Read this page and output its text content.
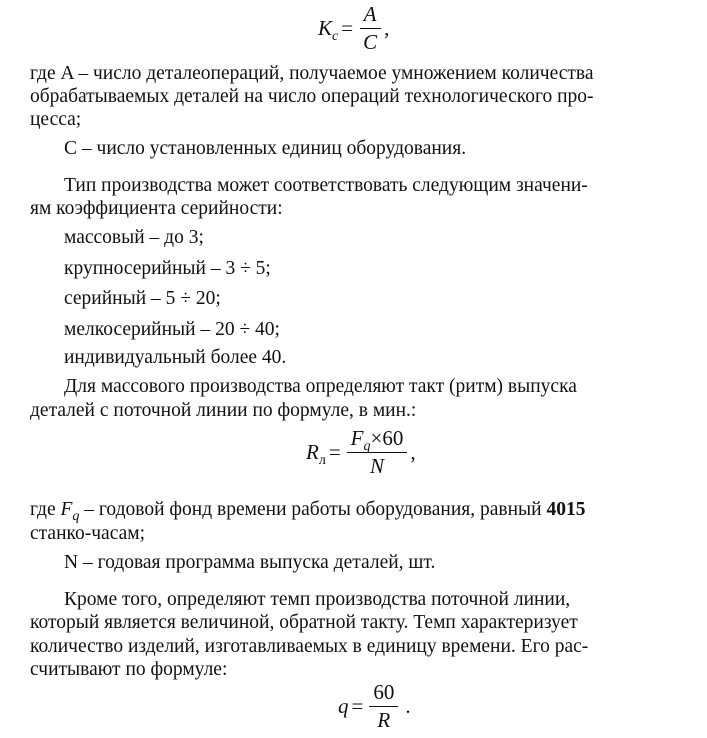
$K_c = \frac{A}{C}$ ,
где A – число деталеопераций, получаемое умножением количества
обрабатываемых деталей на число операций технологического про-
цесса;
C – число установленных единиц оборудования.
Тип производства может соответствовать следующим значени-
ям коэффициента серийности:
массовый – до 3;
крупносерийный – 3 ÷ 5;
серийный – 5 ÷ 20;
мелкосерийный – 20 ÷ 40;
индивидуальный более 40.
Для массового производства определяют такт (ритм) выпуска
деталей с поточной линии по формуле, в мин.:
$R_л = \frac{F_q\times 60}{N}$ ,
где $F_q$ – годовой фонд времени работы оборудования, равный 4015
станко-часам;
N – годовая программа выпуска деталей, шт.
Кроме того, определяют темп производства поточной линии,
который является величиной, обратной такту. Темп характеризует
количество изделий, изготавливаемых в единицу времени. Его рас-
считывают по формуле:
$q = \frac{60}{R}$ .
